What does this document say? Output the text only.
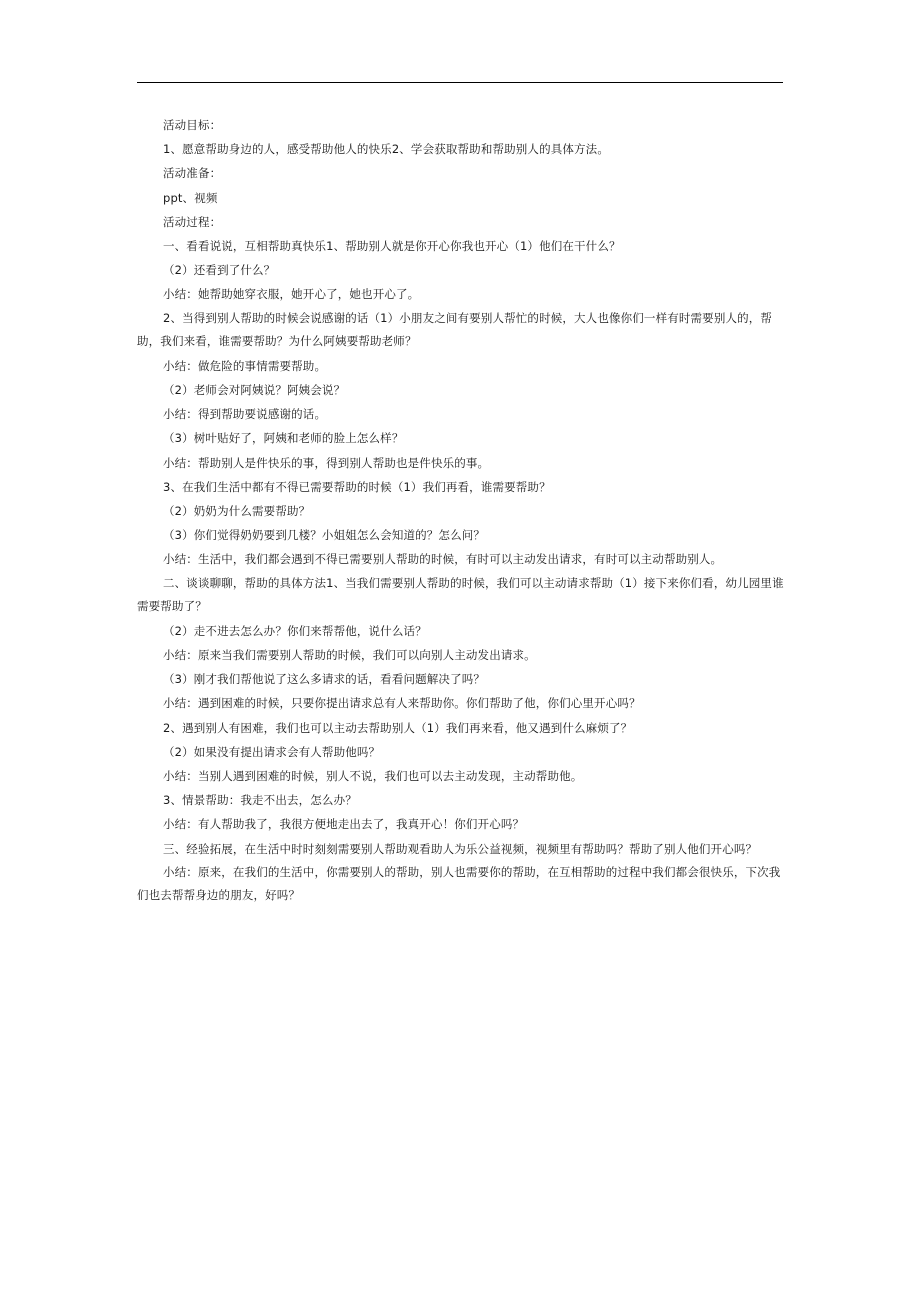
活动目标：

1、愿意帮助身边的人，感受帮助他人的快乐2、学会获取帮助和帮助别人的具体方法。

活动准备：

ppt、视频

活动过程：

一、看看说说，互相帮助真快乐1、帮助别人就是你开心你我也开心（1）他们在干什么？

（2）还看到了什么？

小结：她帮助她穿衣服，她开心了，她也开心了。

2、当得到别人帮助的时候会说感谢的话（1）小朋友之间有要别人帮忙的时候，大人也像你们一样有时需要别人的，帮助，我们来看，谁需要帮助？为什么阿姨要帮助老师？

小结：做危险的事情需要帮助。

（2）老师会对阿姨说？阿姨会说？

小结：得到帮助要说感谢的话。

（3）树叶贴好了，阿姨和老师的脸上怎么样？

小结：帮助别人是件快乐的事，得到别人帮助也是件快乐的事。

3、在我们生活中都有不得已需要帮助的时候（1）我们再看，谁需要帮助？

（2）奶奶为什么需要帮助？

（3）你们觉得奶奶要到几楼？小姐姐怎么会知道的？怎么问？

小结：生活中，我们都会遇到不得已需要别人帮助的时候，有时可以主动发出请求，有时可以主动帮助别人。

二、谈谈聊聊，帮助的具体方法1、当我们需要别人帮助的时候，我们可以主动请求帮助（1）接下来你们看，幼儿园里谁需要帮助了？

（2）走不进去怎么办？你们来帮帮他，说什么话？

小结：原来当我们需要别人帮助的时候，我们可以向别人主动发出请求。

（3）刚才我们帮他说了这么多请求的话，看看问题解决了吗？

小结：遇到困难的时候，只要你提出请求总有人来帮助你。你们帮助了他，你们心里开心吗？

2、遇到别人有困难，我们也可以主动去帮助别人（1）我们再来看，他又遇到什么麻烦了？

（2）如果没有提出请求会有人帮助他吗？

小结：当别人遇到困难的时候，别人不说，我们也可以去主动发现，主动帮助他。

3、情景帮助：我走不出去，怎么办？

小结：有人帮助我了，我很方便地走出去了，我真开心！你们开心吗？

三、经验拓展，在生活中时时刻刻需要别人帮助观看助人为乐公益视频，视频里有帮助吗？帮助了别人他们开心吗？

小结：原来，在我们的生活中，你需要别人的帮助，别人也需要你的帮助，在互相帮助的过程中我们都会很快乐，下次我们也去帮帮身边的朋友，好吗？
